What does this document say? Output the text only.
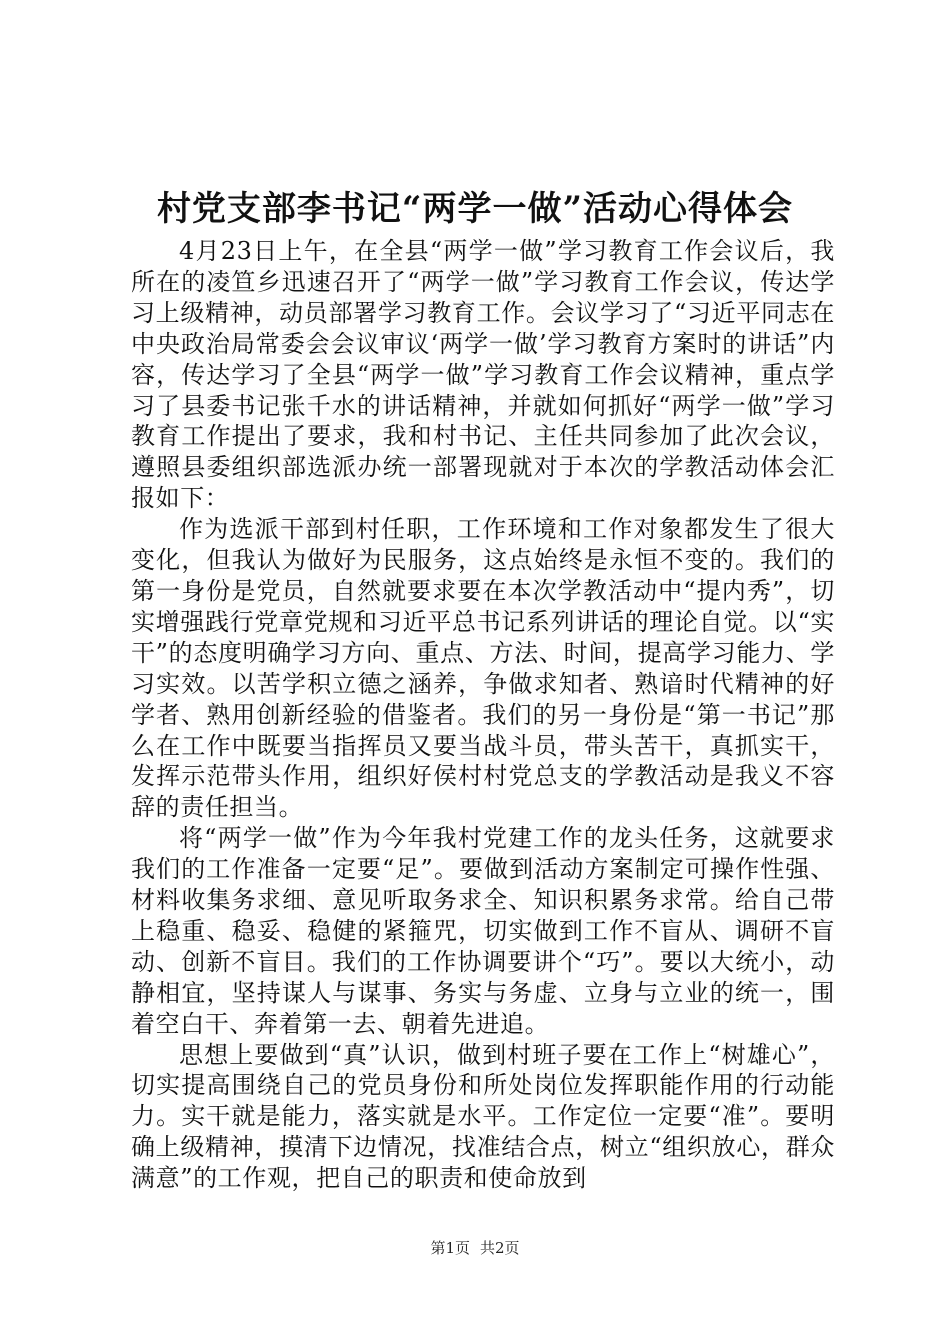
村党支部李书记“两学一做”活动心得体会

4月23日上午，在全县“两学一做”学习教育工作会议后，我所在的凌笪乡迅速召开了“两学一做”学习教育工作会议，传达学习上级精神，动员部署学习教育工作。会议学习了“习近平同志在中央政治局常委会会议审议‘两学一做’学习教育方案时的讲话”内容，传达学习了全县“两学一做”学习教育工作会议精神，重点学习了县委书记张千水的讲话精神，并就如何抓好“两学一做”学习教育工作提出了要求，我和村书记、主任共同参加了此次会议，遵照县委组织部选派办统一部署现就对于本次的学教活动体会汇报如下：

作为选派干部到村任职，工作环境和工作对象都发生了很大变化，但我认为做好为民服务，这点始终是永恒不变的。我们的第一身份是党员，自然就要求要在本次学教活动中“提内秀”，切实增强践行党章党规和习近平总书记系列讲话的理论自觉。以“实干”的态度明确学习方向、重点、方法、时间，提高学习能力、学习实效。以苦学积立德之涵养，争做求知者、熟谙时代精神的好学者、熟用创新经验的借鉴者。我们的另一身份是“第一书记”那么在工作中既要当指挥员又要当战斗员，带头苦干，真抓实干，发挥示范带头作用，组织好侯村村党总支的学教活动是我义不容辞的责任担当。

将“两学一做”作为今年我村党建工作的龙头任务，这就要求我们的工作准备一定要“足”。要做到活动方案制定可操作性强、材料收集务求细、意见听取务求全、知识积累务求常。给自己带上稳重、稳妥、稳健的紧箍咒，切实做到工作不盲从、调研不盲动、创新不盲目。我们的工作协调要讲个“巧”。要以大统小，动静相宜，坚持谋人与谋事、务实与务虚、立身与立业的统一，围着空白干、奔着第一去、朝着先进追。

思想上要做到“真”认识，做到村班子要在工作上“树雄心”，切实提高围绕自己的党员身份和所处岗位发挥职能作用的行动能力。实干就是能力，落实就是水平。工作定位一定要“准”。要明确上级精神，摸清下边情况，找准结合点，树立“组织放心，群众满意”的工作观，把自己的职责和使命放到

第1页 共2页
